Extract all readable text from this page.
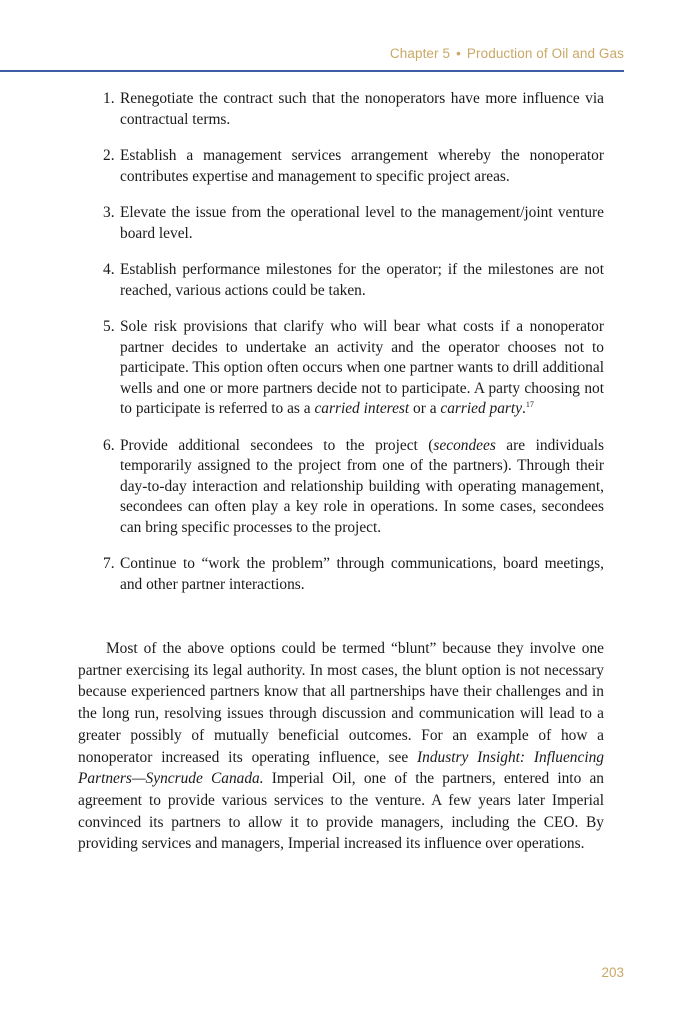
Chapter 5 • Production of Oil and Gas
1. Renegotiate the contract such that the nonoperators have more influence via contractual terms.
2. Establish a management services arrangement whereby the nonoperator contributes expertise and management to specific project areas.
3. Elevate the issue from the operational level to the management/joint venture board level.
4. Establish performance milestones for the operator; if the milestones are not reached, various actions could be taken.
5. Sole risk provisions that clarify who will bear what costs if a nonoperator partner decides to undertake an activity and the operator chooses not to participate. This option often occurs when one partner wants to drill additional wells and one or more partners decide not to participate. A party choosing not to participate is referred to as a carried interest or a carried party.$^{17}$
6. Provide additional secondees to the project (secondees are individuals temporarily assigned to the project from one of the partners). Through their day-to-day interaction and relationship building with operating management, secondees can often play a key role in operations. In some cases, secondees can bring specific processes to the project.
7. Continue to “work the problem” through communications, board meetings, and other partner interactions.

Most of the above options could be termed “blunt” because they involve one partner exercising its legal authority. In most cases, the blunt option is not necessary because experienced partners know that all partnerships have their challenges and in the long run, resolving issues through discussion and communication will lead to a greater possibly of mutually beneficial outcomes. For an example of how a nonoperator increased its operating influence, see Industry Insight: Influencing Partners—Syncrude Canada. Imperial Oil, one of the partners, entered into an agreement to provide various services to the venture. A few years later Imperial convinced its partners to allow it to provide managers, including the CEO. By providing services and managers, Imperial increased its influence over operations.

203
